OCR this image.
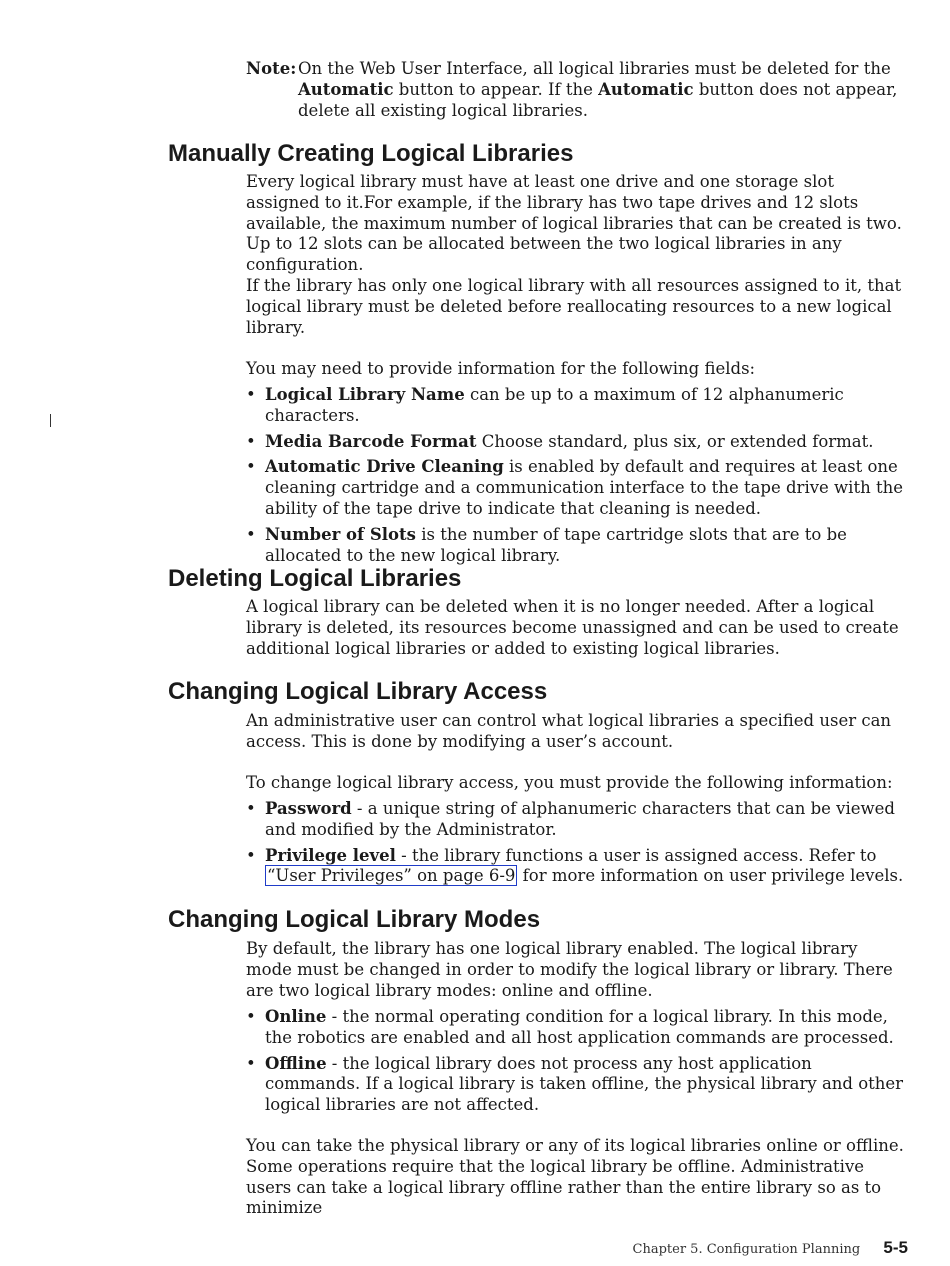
Note: On the Web User Interface, all logical libraries must be deleted for the Automatic button to appear. If the Automatic button does not appear, delete all existing logical libraries.

Manually Creating Logical Libraries

Every logical library must have at least one drive and one storage slot assigned to it.For example, if the library has two tape drives and 12 slots available, the maximum number of logical libraries that can be created is two. Up to 12 slots can be allocated between the two logical libraries in any configuration.

If the library has only one logical library with all resources assigned to it, that logical library must be deleted before reallocating resources to a new logical library.

You may need to provide information for the following fields:

• Logical Library Name can be up to a maximum of 12 alphanumeric characters.
• Media Barcode Format Choose standard, plus six, or extended format.
• Automatic Drive Cleaning is enabled by default and requires at least one cleaning cartridge and a communication interface to the tape drive with the ability of the tape drive to indicate that cleaning is needed.
• Number of Slots is the number of tape cartridge slots that are to be allocated to the new logical library.
Deleting Logical Libraries

A logical library can be deleted when it is no longer needed. After a logical library is deleted, its resources become unassigned and can be used to create additional logical libraries or added to existing logical libraries.

Changing Logical Library Access

An administrative user can control what logical libraries a specified user can access. This is done by modifying a user’s account.

To change logical library access, you must provide the following information:

• Password - a unique string of alphanumeric characters that can be viewed and modified by the Administrator.
• Privilege level - the library functions a user is assigned access. Refer to “User Privileges” on page 6-9 for more information on user privilege levels.
Changing Logical Library Modes

By default, the library has one logical library enabled. The logical library mode must be changed in order to modify the logical library or library. There are two logical library modes: online and offline.

• Online - the normal operating condition for a logical library. In this mode, the robotics are enabled and all host application commands are processed.
• Offline - the logical library does not process any host application commands. If a logical library is taken offline, the physical library and other logical libraries are not affected.

You can take the physical library or any of its logical libraries online or offline. Some operations require that the logical library be offline. Administrative users can take a logical library offline rather than the entire library so as to minimize

Chapter 5. Configuration Planning 5-5
